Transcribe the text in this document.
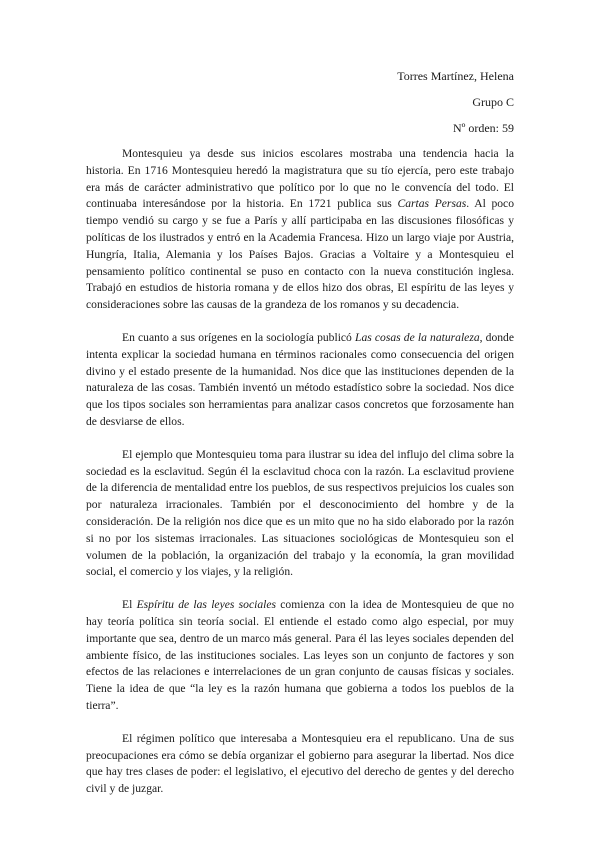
Torres Martínez, Helena
Grupo C
Nº orden: 59

Montesquieu ya desde sus inicios escolares mostraba una tendencia hacia la historia. En 1716 Montesquieu heredó la magistratura que su tío ejercía, pero este trabajo era más de carácter administrativo que político por lo que no le convencía del todo. El continuaba interesándose por la historia. En 1721 publica sus Cartas Persas. Al poco tiempo vendió su cargo y se fue a París y allí participaba en las discusiones filosóficas y políticas de los ilustrados y entró en la Academia Francesa. Hizo un largo viaje por Austria, Hungría, Italia, Alemania y los Países Bajos. Gracias a Voltaire y a Montesquieu el pensamiento político continental se puso en contacto con la nueva constitución inglesa. Trabajó en estudios de historia romana y de ellos hizo dos obras, El espíritu de las leyes y consideraciones sobre las causas de la grandeza de los romanos y su decadencia.

En cuanto a sus orígenes en la sociología publicó Las cosas de la naturaleza, donde intenta explicar la sociedad humana en términos racionales como consecuencia del origen divino y el estado presente de la humanidad. Nos dice que las instituciones dependen de la naturaleza de las cosas. También inventó un método estadístico sobre la sociedad. Nos dice que los tipos sociales son herramientas para analizar casos concretos que forzosamente han de desviarse de ellos.

El ejemplo que Montesquieu toma para ilustrar su idea del influjo del clima sobre la sociedad es la esclavitud. Según él la esclavitud choca con la razón. La esclavitud proviene de la diferencia de mentalidad entre los pueblos, de sus respectivos prejuicios los cuales son por naturaleza irracionales. También por el desconocimiento del hombre y de la consideración. De la religión nos dice que es un mito que no ha sido elaborado por la razón si no por los sistemas irracionales. Las situaciones sociológicas de Montesquieu son el volumen de la población, la organización del trabajo y la economía, la gran movilidad social, el comercio y los viajes, y la religión.

El Espíritu de las leyes sociales comienza con la idea de Montesquieu de que no hay teoría política sin teoría social. El entiende el estado como algo especial, por muy importante que sea, dentro de un marco más general. Para él las leyes sociales dependen del ambiente físico, de las instituciones sociales. Las leyes son un conjunto de factores y son efectos de las relaciones e interrelaciones de un gran conjunto de causas físicas y sociales. Tiene la idea de que “la ley es la razón humana que gobierna a todos los pueblos de la tierra”.

El régimen político que interesaba a Montesquieu era el republicano. Una de sus preocupaciones era cómo se debía organizar el gobierno para asegurar la libertad. Nos dice que hay tres clases de poder: el legislativo, el ejecutivo del derecho de gentes y del derecho civil y de juzgar.
